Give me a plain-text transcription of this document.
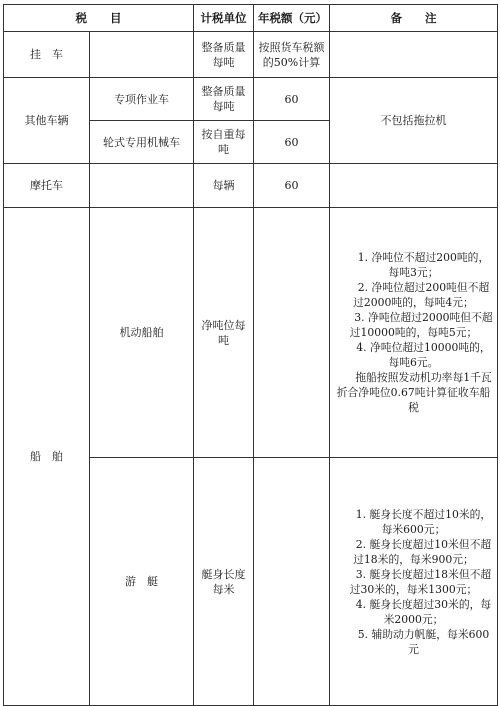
税　　目		计税单位	年税额（元）	备　　注
挂　车		整备质量每吨	按照货车税额的50%计算	
其他车辆	专项作业车	整备质量每吨	60	不包括拖拉机
	轮式专用机械车	按自重每吨	60	
摩托车		每辆	60	
船　舶	机动船舶	净吨位每吨		1. 净吨位不超过200吨的，每吨3元；

2. 净吨位超过200吨但不超过2000吨的，每吨4元；

3. 净吨位超过2000吨但不超过10000吨的，每吨5元；

4. 净吨位超过10000吨的，每吨6元。

拖船按照发动机功率每1千瓦折合净吨位0.67吨计算征收车船税

	游　艇	艇身长度每米		1. 艇身长度不超过10米的，每米600元；

2. 艇身长度超过10米但不超过18米的，每米900元；

3. 艇身长度超过18米但不超过30米的，每米1300元；

4. 艇身长度超过30米的，每米2000元；

5. 辅助动力帆艇，每米600元
